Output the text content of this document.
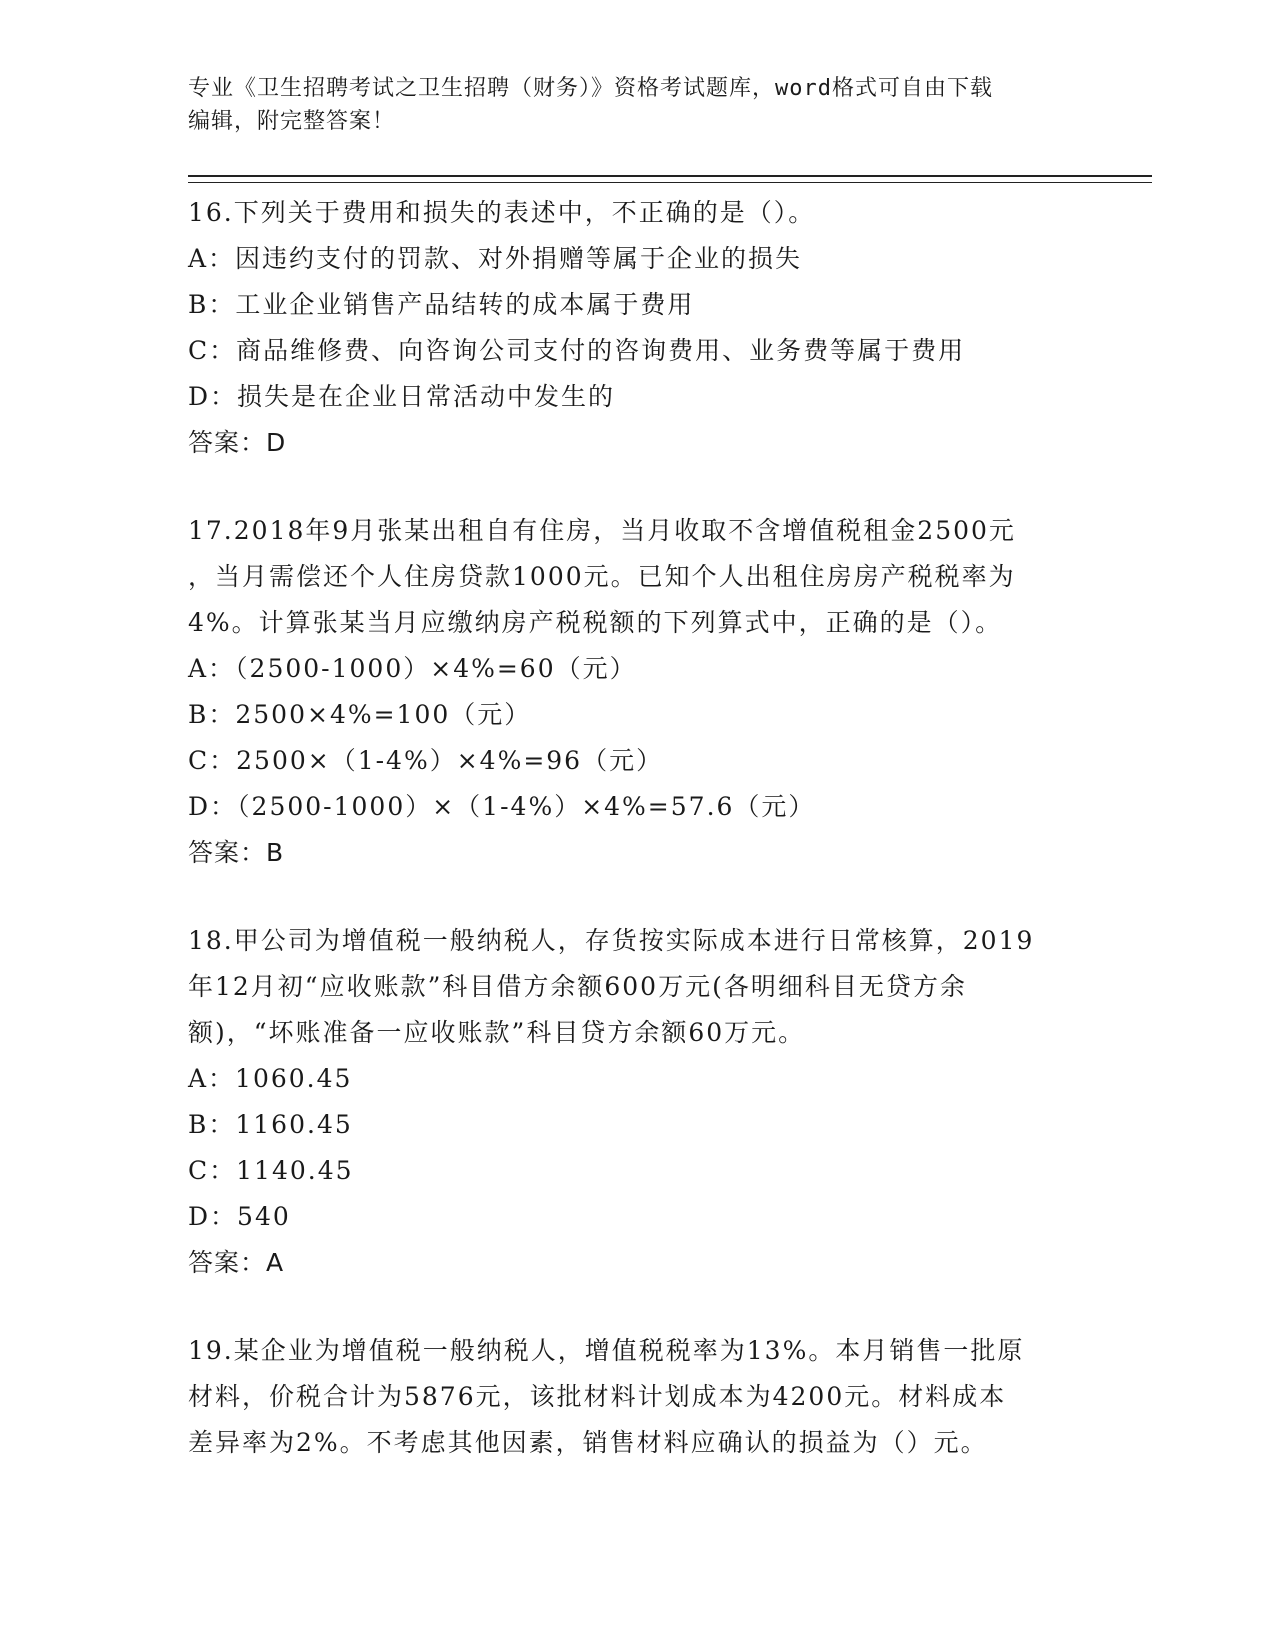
专业《卫生招聘考试之卫生招聘（财务）》资格考试题库，word格式可自由下载
编辑，附完整答案！
16.下列关于费用和损失的表述中，不正确的是（）。
A：因违约支付的罚款、对外捐赠等属于企业的损失
B：工业企业销售产品结转的成本属于费用
C：商品维修费、向咨询公司支付的咨询费用、业务费等属于费用
D：损失是在企业日常活动中发生的
答案：D
17.2018年9月张某出租自有住房，当月收取不含增值税租金2500元
，当月需偿还个人住房贷款1000元。已知个人出租住房房产税税率为
4%。计算张某当月应缴纳房产税税额的下列算式中，正确的是（）。
A：（2500-1000）×4%=60（元）
B：2500×4%=100（元）
C：2500×（1-4%）×4%=96（元）
D：（2500-1000）×（1-4%）×4%=57.6（元）
答案：B
18.甲公司为增值税一般纳税人，存货按实际成本进行日常核算，2019
年12月初“应收账款”科目借方余额600万元(各明细科目无贷方余
额)，“坏账准备一应收账款”科目贷方余额60万元。
A：1060.45
B：1160.45
C：1140.45
D：540
答案：A
19.某企业为增值税一般纳税人，增值税税率为13%。本月销售一批原
材料，价税合计为5876元，该批材料计划成本为4200元。材料成本
差异率为2%。不考虑其他因素，销售材料应确认的损益为（）元。
